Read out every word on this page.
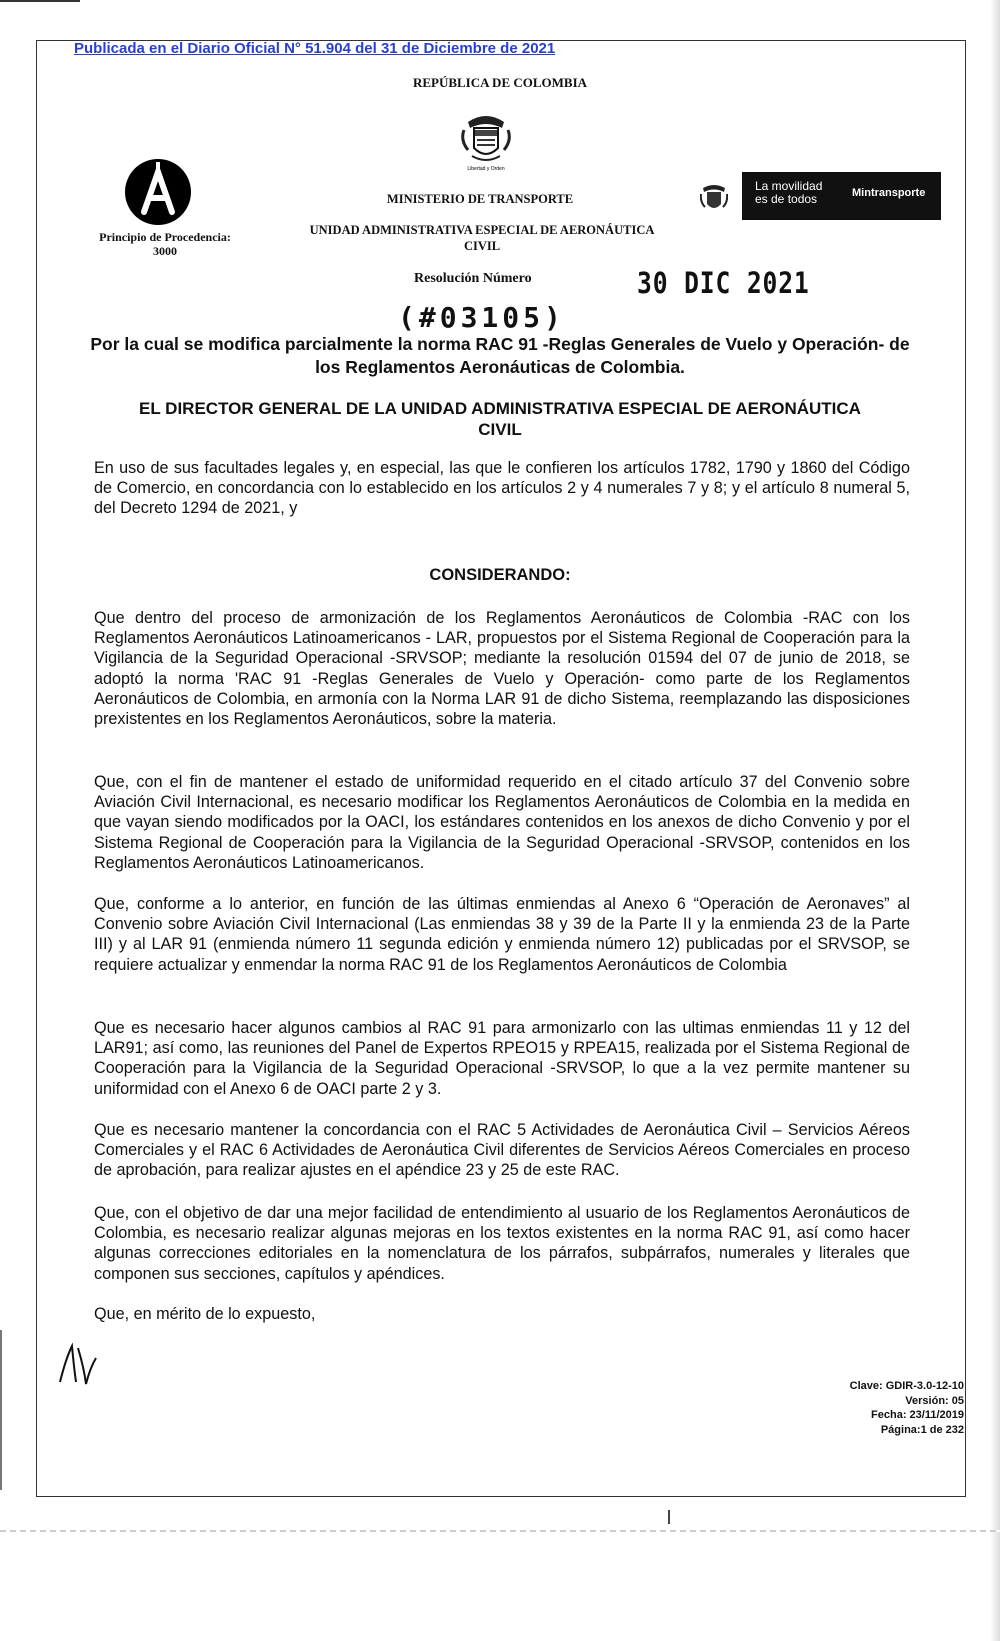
Publicada en el Diario Oficial N° 51.904 del 31 de Diciembre de 2021
REPÚBLICA DE COLOMBIA
Libertad y Orden
Principio de Procedencia:
3000
MINISTERIO DE TRANSPORTE
UNIDAD ADMINISTRATIVA ESPECIAL DE AERONÁUTICA
CIVIL
La movilidad
es de todos	Mintransporte
Resolución Número	30 DIC 2021
(#03105)
Por la cual se modifica parcialmente la norma RAC 91 -Reglas Generales de Vuelo y Operación- de los Reglamentos Aeronáuticas de Colombia.
EL DIRECTOR GENERAL DE LA UNIDAD ADMINISTRATIVA ESPECIAL DE AERONÁUTICA CIVIL
En uso de sus facultades legales y, en especial, las que le confieren los artículos 1782, 1790 y 1860 del Código de Comercio, en concordancia con lo establecido en los artículos 2 y 4 numerales 7 y 8; y el artículo 8 numeral 5, del Decreto 1294 de 2021, y
CONSIDERANDO:
Que dentro del proceso de armonización de los Reglamentos Aeronáuticos de Colombia -RAC con los Reglamentos Aeronáuticos Latinoamericanos - LAR, propuestos por el Sistema Regional de Cooperación para la Vigilancia de la Seguridad Operacional -SRVSOP; mediante la resolución 01594 del 07 de junio de 2018, se adoptó la norma 'RAC 91 -Reglas Generales de Vuelo y Operación- como parte de los Reglamentos Aeronáuticos de Colombia, en armonía con la Norma LAR 91 de dicho Sistema, reemplazando las disposiciones prexistentes en los Reglamentos Aeronáuticos, sobre la materia.
Que, con el fin de mantener el estado de uniformidad requerido en el citado artículo 37 del Convenio sobre Aviación Civil Internacional, es necesario modificar los Reglamentos Aeronáuticos de Colombia en la medida en que vayan siendo modificados por la OACI, los estándares contenidos en los anexos de dicho Convenio y por el Sistema Regional de Cooperación para la Vigilancia de la Seguridad Operacional -SRVSOP, contenidos en los Reglamentos Aeronáuticos Latinoamericanos.
Que, conforme a lo anterior, en función de las últimas enmiendas al Anexo 6 “Operación de Aeronaves” al Convenio sobre Aviación Civil Internacional (Las enmiendas 38 y 39 de la Parte II y la enmienda 23 de la Parte III) y al LAR 91 (enmienda número 11 segunda edición y enmienda número 12) publicadas por el SRVSOP, se requiere actualizar y enmendar la norma RAC 91 de los Reglamentos Aeronáuticos de Colombia
Que es necesario hacer algunos cambios al RAC 91 para armonizarlo con las ultimas enmiendas 11 y 12 del LAR91; así como, las reuniones del Panel de Expertos RPEO15 y RPEA15, realizada por el Sistema Regional de Cooperación para la Vigilancia de la Seguridad Operacional -SRVSOP, lo que a la vez permite mantener su uniformidad con el Anexo 6 de OACI parte 2 y 3.
Que es necesario mantener la concordancia con el RAC 5 Actividades de Aeronáutica Civil – Servicios Aéreos Comerciales y el RAC 6 Actividades de Aeronáutica Civil diferentes de Servicios Aéreos Comerciales en proceso de aprobación, para realizar ajustes en el apéndice 23 y 25 de este RAC.
Que, con el objetivo de dar una mejor facilidad de entendimiento al usuario de los Reglamentos Aeronáuticos de Colombia, es necesario realizar algunas mejoras en los textos existentes en la norma RAC 91, así como hacer algunas correcciones editoriales en la nomenclatura de los párrafos, subpárrafos, numerales y literales que componen sus secciones, capítulos y apéndices.
Que, en mérito de lo expuesto,
Clave: GDIR-3.0-12-10
Versión: 05
Fecha: 23/11/2019
Página:1 de 232
